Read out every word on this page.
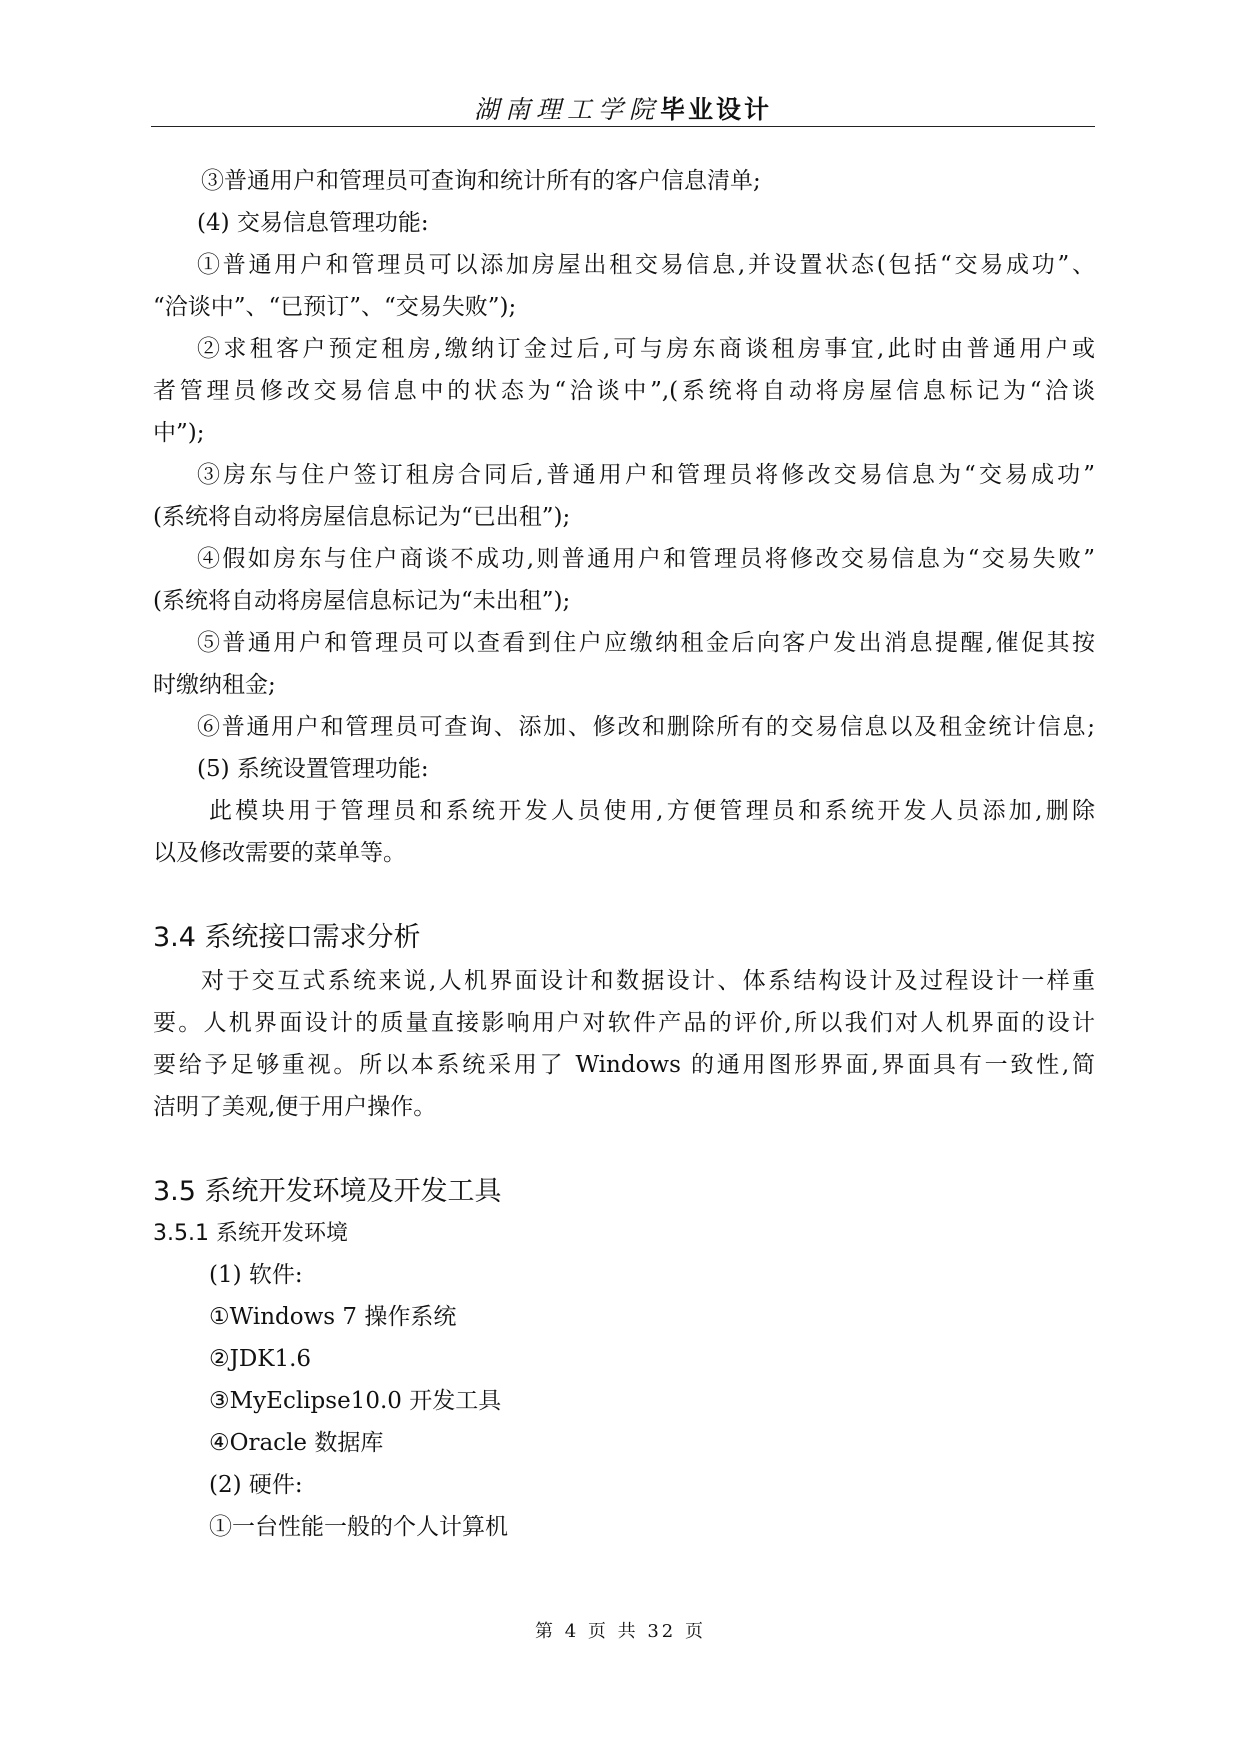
湖南理工学院毕业设计
③普通用户和管理员可查询和统计所有的客户信息清单;
(4) 交易信息管理功能:
①普通用户和管理员可以添加房屋出租交易信息,并设置状态(包括“交易成功”、
“洽谈中”、“已预订”、“交易失败”);
②求租客户预定租房,缴纳订金过后,可与房东商谈租房事宜,此时由普通用户或
者管理员修改交易信息中的状态为“洽谈中”,(系统将自动将房屋信息标记为“洽谈
中”);
③房东与住户签订租房合同后,普通用户和管理员将修改交易信息为“交易成功”
(系统将自动将房屋信息标记为“已出租”);
④假如房东与住户商谈不成功,则普通用户和管理员将修改交易信息为“交易失败”
(系统将自动将房屋信息标记为“未出租”);
⑤普通用户和管理员可以查看到住户应缴纳租金后向客户发出消息提醒,催促其按
时缴纳租金;
⑥普通用户和管理员可查询、添加、修改和删除所有的交易信息以及租金统计信息;
(5) 系统设置管理功能:
此模块用于管理员和系统开发人员使用,方便管理员和系统开发人员添加,删除
以及修改需要的菜单等。
3.4 系统接口需求分析
对于交互式系统来说,人机界面设计和数据设计、体系结构设计及过程设计一样重
要。人机界面设计的质量直接影响用户对软件产品的评价,所以我们对人机界面的设计
要给予足够重视。所以本系统采用了 Windows 的通用图形界面,界面具有一致性,简
洁明了美观,便于用户操作。
3.5 系统开发环境及开发工具
3.5.1 系统开发环境
(1) 软件:
①Windows 7 操作系统
②JDK1.6
③MyEclipse10.0 开发工具
④Oracle 数据库
(2) 硬件:
①一台性能一般的个人计算机
第 4 页 共 32 页
